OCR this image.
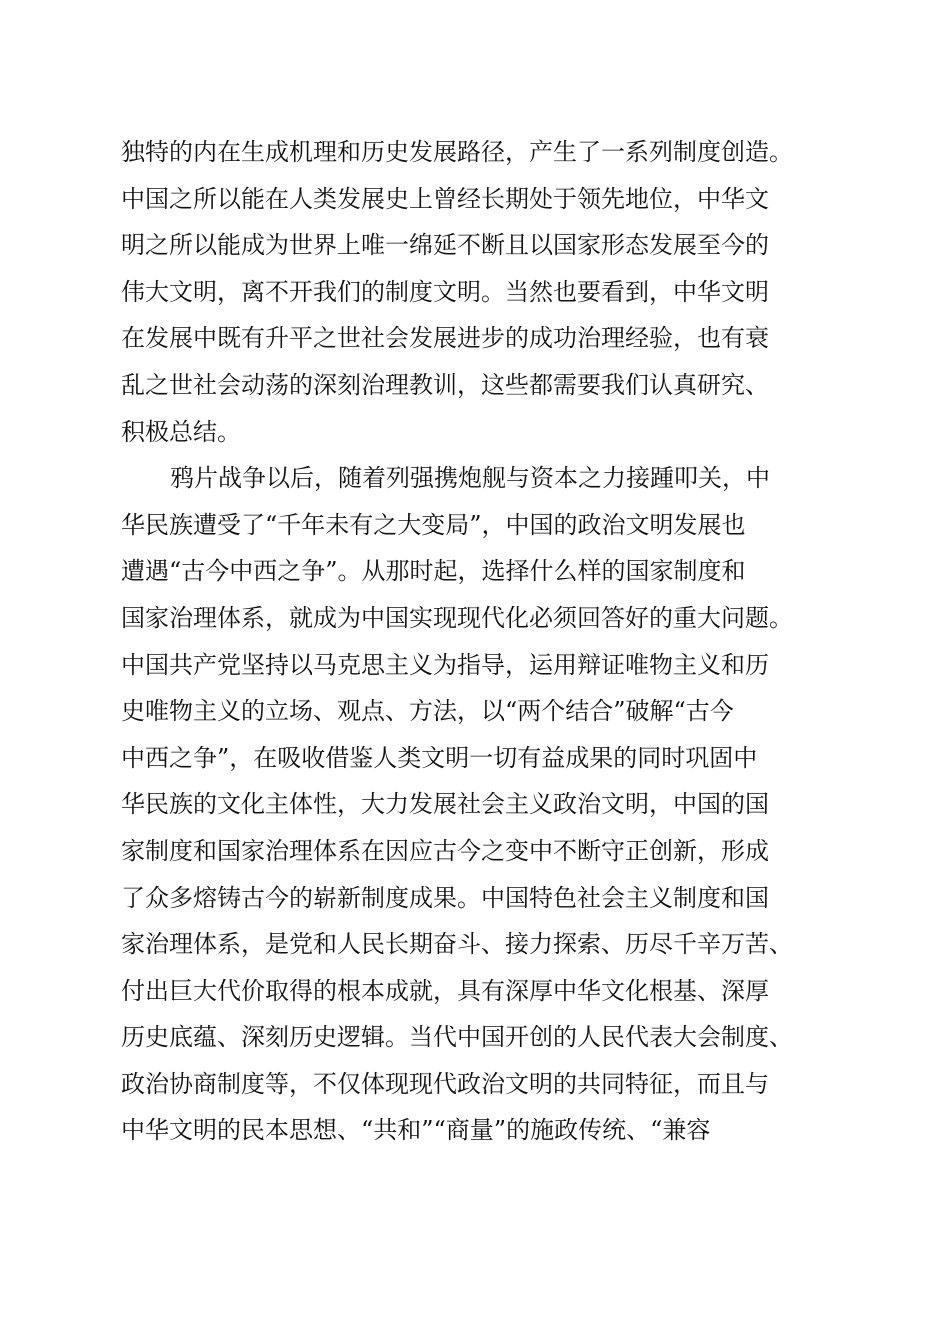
独特的内在生成机理和历史发展路径，产生了一系列制度创造。
中国之所以能在人类发展史上曾经长期处于领先地位，中华文
明之所以能成为世界上唯一绵延不断且以国家形态发展至今的
伟大文明，离不开我们的制度文明。当然也要看到，中华文明
在发展中既有升平之世社会发展进步的成功治理经验，也有衰
乱之世社会动荡的深刻治理教训，这些都需要我们认真研究、
积极总结。
鸦片战争以后，随着列强携炮舰与资本之力接踵叩关，中
华民族遭受了“千年未有之大变局”，中国的政治文明发展也
遭遇“古今中西之争”。从那时起，选择什么样的国家制度和
国家治理体系，就成为中国实现现代化必须回答好的重大问题。
中国共产党坚持以马克思主义为指导，运用辩证唯物主义和历
史唯物主义的立场、观点、方法，以“两个结合”破解“古今
中西之争”，在吸收借鉴人类文明一切有益成果的同时巩固中
华民族的文化主体性，大力发展社会主义政治文明，中国的国
家制度和国家治理体系在因应古今之变中不断守正创新，形成
了众多熔铸古今的崭新制度成果。中国特色社会主义制度和国
家治理体系，是党和人民长期奋斗、接力探索、历尽千辛万苦、
付出巨大代价取得的根本成就，具有深厚中华文化根基、深厚
历史底蕴、深刻历史逻辑。当代中国开创的人民代表大会制度、
政治协商制度等，不仅体现现代政治文明的共同特征，而且与
中华文明的民本思想、“共和”“商量”的施政传统、“兼容
